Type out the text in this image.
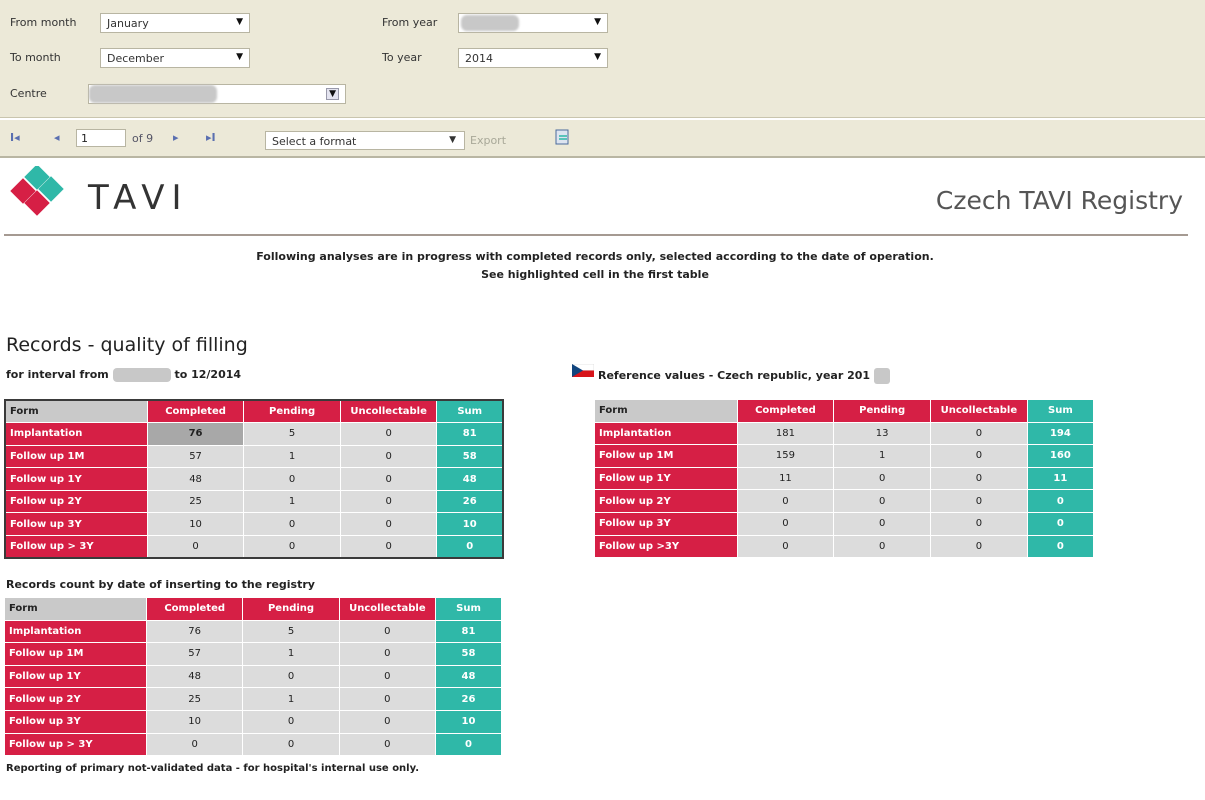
From month	January	▼
To month	December	▼
Centre	▼
From year	▼
To year	2014	▼
I◂	◂	1	of 9 ▸ ▸I	Select a format	▼ Export
TAVI	Czech TAVI Registry
Following analyses are in progress with completed records only, selected according to the date of operation.
See highlighted cell in the first table
Records - quality of filling
for interval from	to 12/2014	Reference values - Czech republic, year 201
Form	Completed	Pending	Uncollectable	Sum
Implantation	76	5	0	81
Follow up 1M	57	1	0	58
Follow up 1Y	48	0	0	48
Follow up 2Y	25	1	0	26
Follow up 3Y	10	0	0	10
Follow up > 3Y	0	0	0	0
Form	Completed	Pending	Uncollectable	Sum
Implantation	181	13	0	194
Follow up 1M	159	1	0	160
Follow up 1Y	11	0	0	11
Follow up 2Y	0	0	0	0
Follow up 3Y	0	0	0	0
Follow up >3Y	0	0	0	0
Records count by date of inserting to the registry
Form	Completed	Pending	Uncollectable	Sum
Implantation	76	5	0	81
Follow up 1M	57	1	0	58
Follow up 1Y	48	0	0	48
Follow up 2Y	25	1	0	26
Follow up 3Y	10	0	0	10
Follow up > 3Y	0	0	0	0
Reporting of primary not-validated data - for hospital's internal use only.
